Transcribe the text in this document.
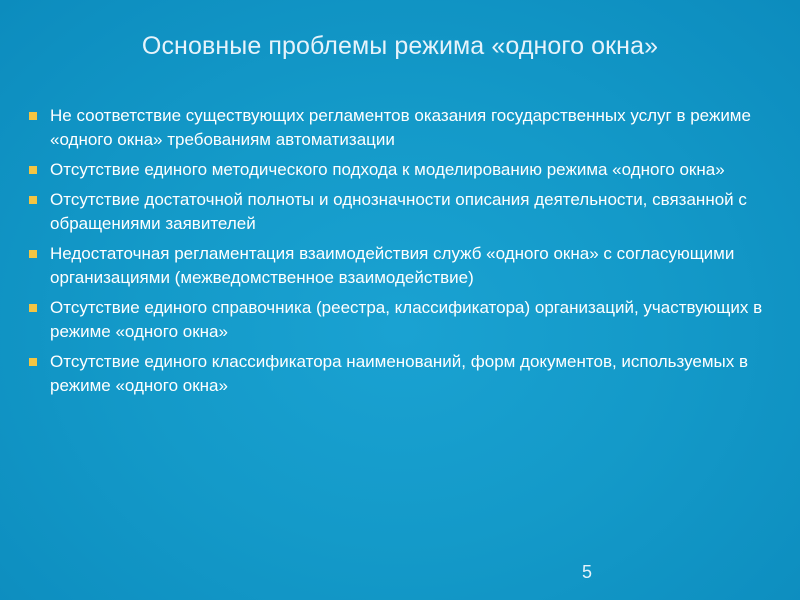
Основные проблемы режима «одного окна»
Не соответствие существующих регламентов оказания государственных услуг в режиме «одного окна» требованиям автоматизации
Отсутствие единого методического подхода к моделированию режима «одного окна»
Отсутствие достаточной полноты и однозначности описания деятельности, связанной с обращениями заявителей
Недостаточная регламентация взаимодействия служб «одного окна» с согласующими организациями (межведомственное взаимодействие)
Отсутствие единого справочника (реестра, классификатора) организаций, участвующих в режиме «одного окна»
Отсутствие единого классификатора наименований, форм документов, используемых в режиме «одного окна»
5
